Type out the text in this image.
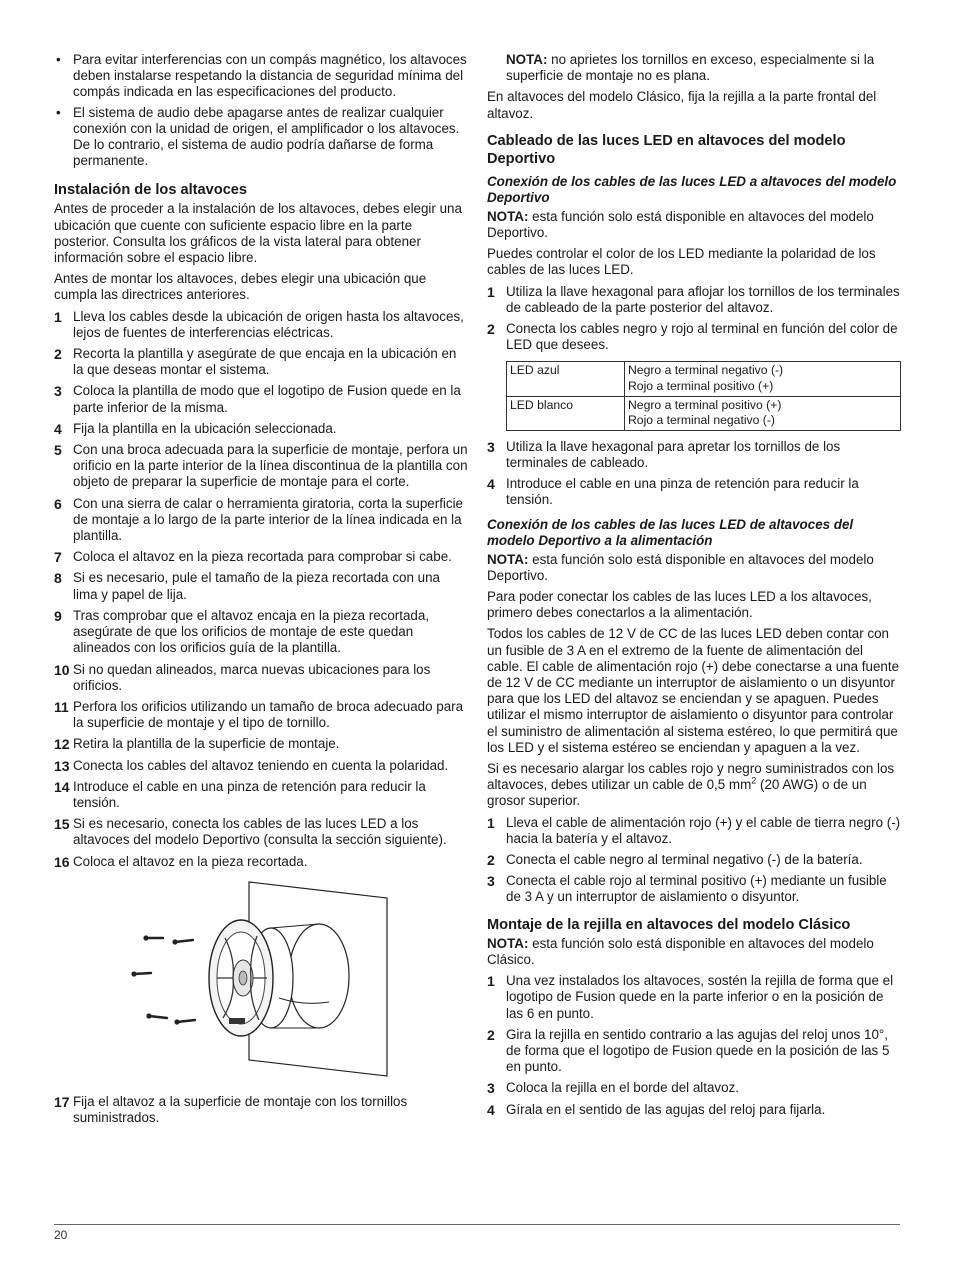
• Para evitar interferencias con un compás magnético, los altavoces deben instalarse respetando la distancia de seguridad mínima del compás indicada en las especificaciones del producto.
• El sistema de audio debe apagarse antes de realizar cualquier conexión con la unidad de origen, el amplificador o los altavoces. De lo contrario, el sistema de audio podría dañarse de forma permanente.
Instalación de los altavoces

Antes de proceder a la instalación de los altavoces, debes elegir una ubicación que cuente con suficiente espacio libre en la parte posterior. Consulta los gráficos de la vista lateral para obtener información sobre el espacio libre.

Antes de montar los altavoces, debes elegir una ubicación que cumpla las directrices anteriores.

1 Lleva los cables desde la ubicación de origen hasta los altavoces, lejos de fuentes de interferencias eléctricas.
2 Recorta la plantilla y asegúrate de que encaja en la ubicación en la que deseas montar el sistema.
3 Coloca la plantilla de modo que el logotipo de Fusion quede en la parte inferior de la misma.
4 Fija la plantilla en la ubicación seleccionada.
5 Con una broca adecuada para la superficie de montaje, perfora un orificio en la parte interior de la línea discontinua de la plantilla con objeto de preparar la superficie de montaje para el corte.
6 Con una sierra de calar o herramienta giratoria, corta la superficie de montaje a lo largo de la parte interior de la línea indicada en la plantilla.
7 Coloca el altavoz en la pieza recortada para comprobar si cabe.
8 Si es necesario, pule el tamaño de la pieza recortada con una lima y papel de lija.
9 Tras comprobar que el altavoz encaja en la pieza recortada, asegúrate de que los orificios de montaje de este quedan alineados con los orificios guía de la plantilla.
10 Si no quedan alineados, marca nuevas ubicaciones para los orificios.
11 Perfora los orificios utilizando un tamaño de broca adecuado para la superficie de montaje y el tipo de tornillo.
12 Retira la plantilla de la superficie de montaje.
13 Conecta los cables del altavoz teniendo en cuenta la polaridad.
14 Introduce el cable en una pinza de retención para reducir la tensión.
15 Si es necesario, conecta los cables de las luces LED a los altavoces del modelo Deportivo (consulta la sección siguiente).
16 Coloca el altavoz en la pieza recortada.
17 Fija el altavoz a la superficie de montaje con los tornillos suministrados.

NOTA: no aprietes los tornillos en exceso, especialmente si la superficie de montaje no es plana.

En altavoces del modelo Clásico, fija la rejilla a la parte frontal del altavoz.

Cableado de las luces LED en altavoces del modelo Deportivo
Conexión de los cables de las luces LED a altavoces del modelo Deportivo

NOTA: esta función solo está disponible en altavoces del modelo Deportivo.

Puedes controlar el color de los LED mediante la polaridad de los cables de las luces LED.

1 Utiliza la llave hexagonal para aflojar los tornillos de los terminales de cableado de la parte posterior del altavoz.
2 Conecta los cables negro y rojo al terminal en función del color de LED que desees.
LED azul	Negro a terminal negativo (-)
Rojo a terminal positivo (+)

LED blanco	Negro a terminal positivo (+)
Rojo a terminal negativo (-)
3 Utiliza la llave hexagonal para apretar los tornillos de los terminales de cableado.
4 Introduce el cable en una pinza de retención para reducir la tensión.
Conexión de los cables de las luces LED de altavoces del modelo Deportivo a la alimentación

NOTA: esta función solo está disponible en altavoces del modelo Deportivo.

Para poder conectar los cables de las luces LED a los altavoces, primero debes conectarlos a la alimentación.

Todos los cables de 12 V de CC de las luces LED deben contar con un fusible de 3 A en el extremo de la fuente de alimentación del cable. El cable de alimentación rojo (+) debe conectarse a una fuente de 12 V de CC mediante un interruptor de aislamiento o un disyuntor para que los LED del altavoz se enciendan y se apaguen. Puedes utilizar el mismo interruptor de aislamiento o disyuntor para controlar el suministro de alimentación al sistema estéreo, lo que permitirá que los LED y el sistema estéreo se enciendan y apaguen a la vez.

Si es necesario alargar los cables rojo y negro suministrados con los altavoces, debes utilizar un cable de 0,5 $mm^2$ (20 AWG) o de un grosor superior.

1 Lleva el cable de alimentación rojo (+) y el cable de tierra negro (-) hacia la batería y el altavoz.
2 Conecta el cable negro al terminal negativo (-) de la batería.
3 Conecta el cable rojo al terminal positivo (+) mediante un fusible de 3 A y un interruptor de aislamiento o disyuntor.
Montaje de la rejilla en altavoces del modelo Clásico

NOTA: esta función solo está disponible en altavoces del modelo Clásico.

1 Una vez instalados los altavoces, sostén la rejilla de forma que el logotipo de Fusion quede en la parte inferior o en la posición de las 6 en punto.
2 Gira la rejilla en sentido contrario a las agujas del reloj unos 10°, de forma que el logotipo de Fusion quede en la posición de las 5 en punto.
3 Coloca la rejilla en el borde del altavoz.
4 Gírala en el sentido de las agujas del reloj para fijarla.
20
